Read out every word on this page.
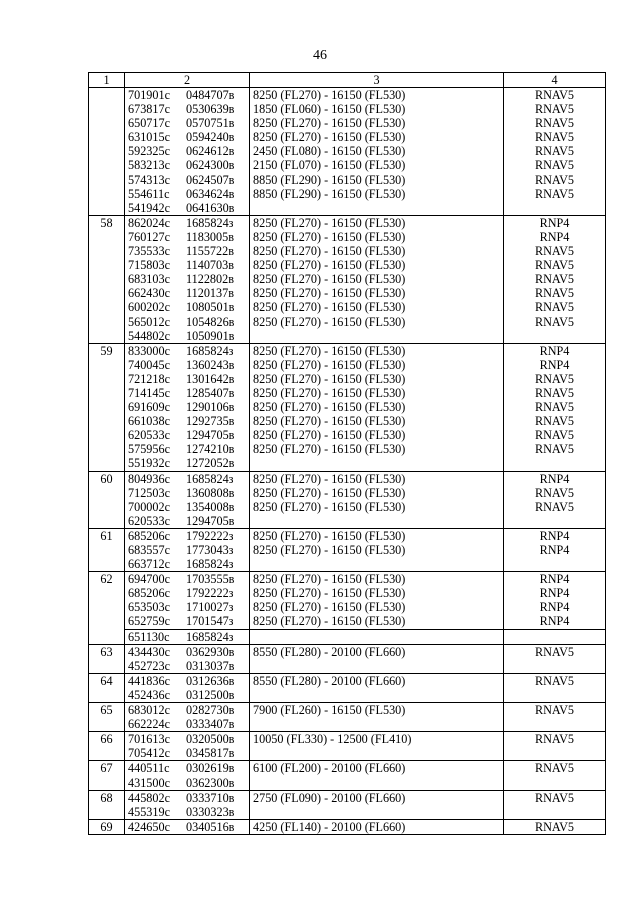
46
1	2	3	4
	701901c 0484707в	8250 (FL270) - 16150 (FL530)	RNAV5
	673817c 0530639в	1850 (FL060) - 16150 (FL530)	RNAV5
	650717c 0570751в	8250 (FL270) - 16150 (FL530)	RNAV5
	631015c 0594240в	8250 (FL270) - 16150 (FL530)	RNAV5
	592325c 0624612в	2450 (FL080) - 16150 (FL530)	RNAV5
	583213c 0624300в	2150 (FL070) - 16150 (FL530)	RNAV5
	574313c 0624507в	8850 (FL290) - 16150 (FL530)	RNAV5
	554611c 0634624в	8850 (FL290) - 16150 (FL530)	RNAV5
	541942c 0641630в		
58	862024c 1685824з	8250 (FL270) - 16150 (FL530)	RNP4
	760127c 1183005в	8250 (FL270) - 16150 (FL530)	RNP4
	735533c 1155722в	8250 (FL270) - 16150 (FL530)	RNAV5
	715803c 1140703в	8250 (FL270) - 16150 (FL530)	RNAV5
	683103c 1122802в	8250 (FL270) - 16150 (FL530)	RNAV5
	662430c 1120137в	8250 (FL270) - 16150 (FL530)	RNAV5
	600202c 1080501в	8250 (FL270) - 16150 (FL530)	RNAV5
	565012c 1054826в	8250 (FL270) - 16150 (FL530)	RNAV5
	544802c 1050901в		
59	833000c 1685824з	8250 (FL270) - 16150 (FL530)	RNP4
	740045c 1360243в	8250 (FL270) - 16150 (FL530)	RNP4
	721218c 1301642в	8250 (FL270) - 16150 (FL530)	RNAV5
	714145c 1285407в	8250 (FL270) - 16150 (FL530)	RNAV5
	691609c 1290106в	8250 (FL270) - 16150 (FL530)	RNAV5
	661038c 1292735в	8250 (FL270) - 16150 (FL530)	RNAV5
	620533c 1294705в	8250 (FL270) - 16150 (FL530)	RNAV5
	575956c 1274210в	8250 (FL270) - 16150 (FL530)	RNAV5
	551932c 1272052в		
60	804936c 1685824з	8250 (FL270) - 16150 (FL530)	RNP4
	712503c 1360808в	8250 (FL270) - 16150 (FL530)	RNAV5
	700002c 1354008в	8250 (FL270) - 16150 (FL530)	RNAV5
	620533c 1294705в		
61	685206c 1792222з	8250 (FL270) - 16150 (FL530)	RNP4
	683557c 1773043з	8250 (FL270) - 16150 (FL530)	RNP4
	663712c 1685824з		
62	694700c 1703555в	8250 (FL270) - 16150 (FL530)	RNP4
	685206c 1792222з	8250 (FL270) - 16150 (FL530)	RNP4
	653503c 1710027з	8250 (FL270) - 16150 (FL530)	RNP4
	652759c 1701547з	8250 (FL270) - 16150 (FL530)	RNP4
	651130c 1685824з		
63	434430c 0362930в	8550 (FL280) - 20100 (FL660)	RNAV5
	452723c 0313037в		
64	441836c 0312636в	8550 (FL280) - 20100 (FL660)	RNAV5
	452436c 0312500в		
65	683012c 0282730в	7900 (FL260) - 16150 (FL530)	RNAV5
	662224c 0333407в		
66	701613c 0320500в	10050 (FL330) - 12500 (FL410)	RNAV5
	705412c 0345817в		
67	440511c 0302619в	6100 (FL200) - 20100 (FL660)	RNAV5
	431500c 0362300в		
68	445802c 0333710в	2750 (FL090) - 20100 (FL660)	RNAV5
	455319c 0330323в		
69	424650c 0340516в	4250 (FL140) - 20100 (FL660)	RNAV5
